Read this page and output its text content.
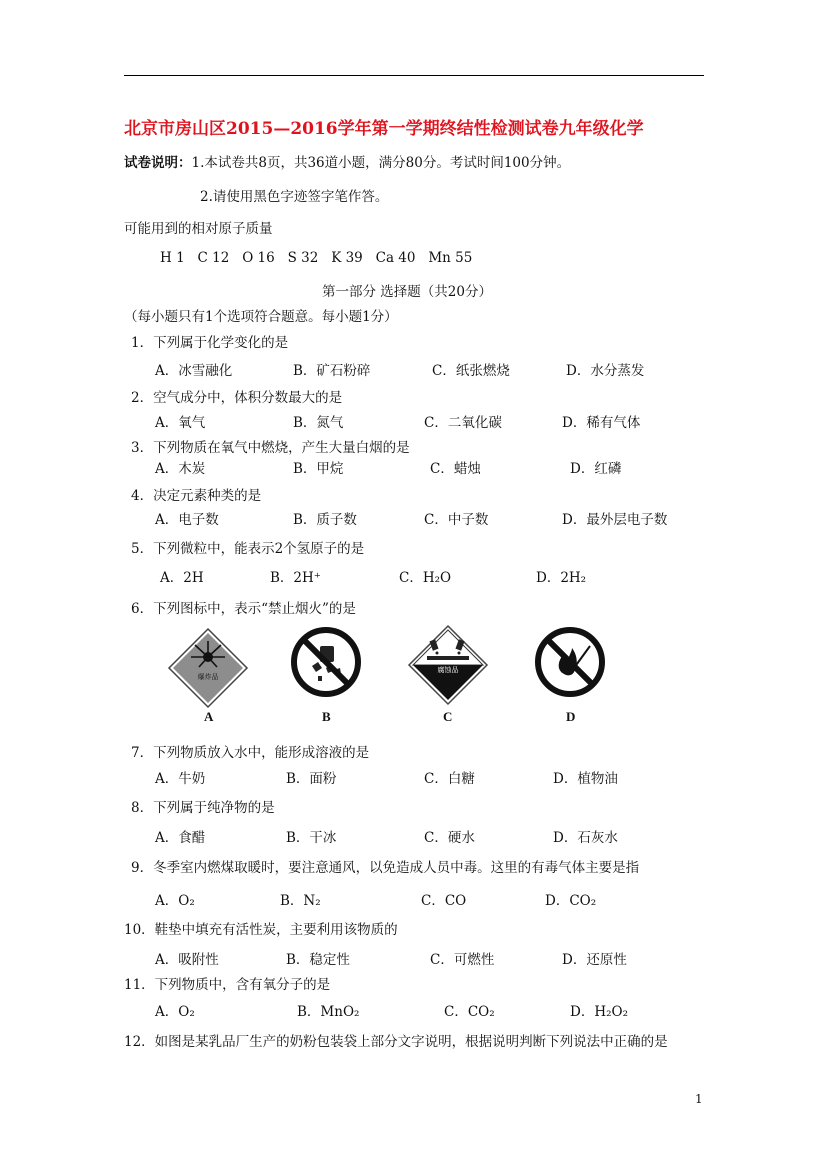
北京市房山区2015—2016学年第一学期终结性检测试卷九年级化学
试卷说明：1.本试卷共8页，共36道小题，满分80分。考试时间100分钟。
2.请使用黑色字迹签字笔作答。
可能用到的相对原子质量
H 1   C 12   O 16   S 32   K 39   Ca 40   Mn 55
第一部分 选择题（共20分）
（每小题只有1个选项符合题意。每小题1分）
1．下列属于化学变化的是
A．冰雪融化	B．矿石粉碎	C．纸张燃烧	D．水分蒸发
2．空气成分中，体积分数最大的是
A．氧气	B．氮气	C．二氧化碳	D．稀有气体
3．下列物质在氧气中燃烧，产生大量白烟的是
A．木炭	B．甲烷	C．蜡烛	D．红磷
4．决定元素种类的是
A．电子数	B．质子数	C．中子数	D．最外层电子数
5．下列微粒中，能表示2个氢原子的是
A．2H	B．2H⁺	C．H₂O	D．2H₂
6．下列图标中，表示“禁止烟火”的是
爆炸品
A	B
腐蚀品
C	D
7．下列物质放入水中，能形成溶液的是
A．牛奶	B．面粉	C．白糖	D．植物油
8．下列属于纯净物的是
A．食醋	B．干冰	C．硬水	D．石灰水
9．冬季室内燃煤取暖时，要注意通风，以免造成人员中毒。这里的有毒气体主要是指
A．O₂	B．N₂	C．CO	D．CO₂
10．鞋垫中填充有活性炭，主要利用该物质的
A．吸附性	B．稳定性	C．可燃性	D．还原性
11．下列物质中，含有氧分子的是
A．O₂	B．MnO₂	C．CO₂	D．H₂O₂
12．如图是某乳品厂生产的奶粉包装袋上部分文字说明，根据说明判断下列说法中正确的是
1
